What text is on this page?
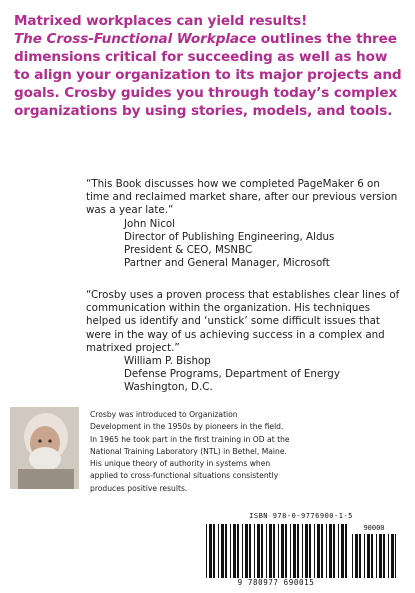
Matrixed workplaces can yield results!
The Cross-Functional Workplace outlines the three dimensions critical for succeeding as well as how to align your organization to its major projects and goals. Crosby guides you through today’s complex organizations by using stories, models, and tools.

“This Book discusses how we completed PageMaker 6 on time and reclaimed market share, after our previous version was a year late.”

John Nicol
Director of Publishing Engineering, Aldus
President & CEO, MSNBC
Partner and General Manager, Microsoft

“Crosby uses a proven process that establishes clear lines of communication within the organization. His techniques helped us identify and ‘unstick’ some difficult issues that were in the way of us achieving success in a complex and matrixed project.”

William P. Bishop
Defense Programs, Department of Energy
Washington, D.C.
Crosby was introduced to Organization
Development in the 1950s by pioneers in the field.
In 1965 he took part in the first training in OD at the
National Training Laboratory (NTL) in Bethel, Maine.
His unique theory of authority in systems when
applied to cross-functional situations consistently
produces positive results.
ISBN 978-0-9776900-1-5
90000
9 780977 690015
